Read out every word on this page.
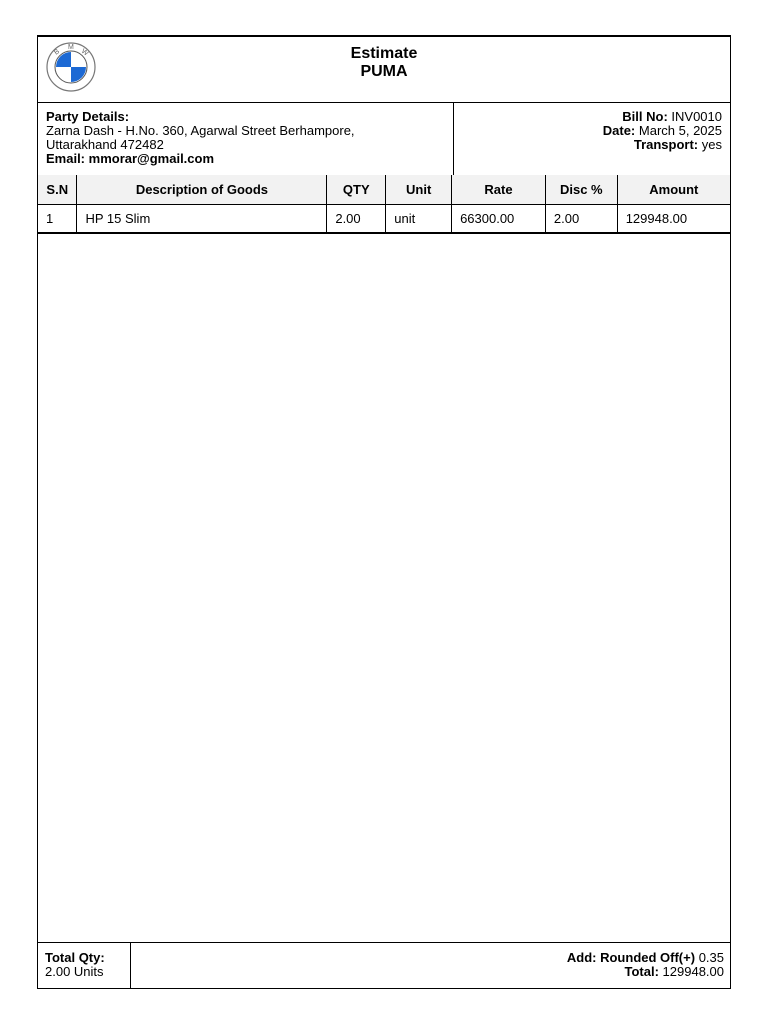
B
M
W	Estimate
PUMA
Party Details:
Zarna Dash - H.No. 360, Agarwal Street Berhampore,
Uttarakhand 472482
Email: mmorar@gmail.com
Bill No: INV0010
Date: March 5, 2025
Transport: yes
S.N	Description of Goods	QTY	Unit	Rate	Disc %	Amount
1	HP 15 Slim	2.00	unit	66300.00	2.00	129948.00
Total Qty:
2.00 Units
Add: Rounded Off(+) 0.35
Total: 129948.00
